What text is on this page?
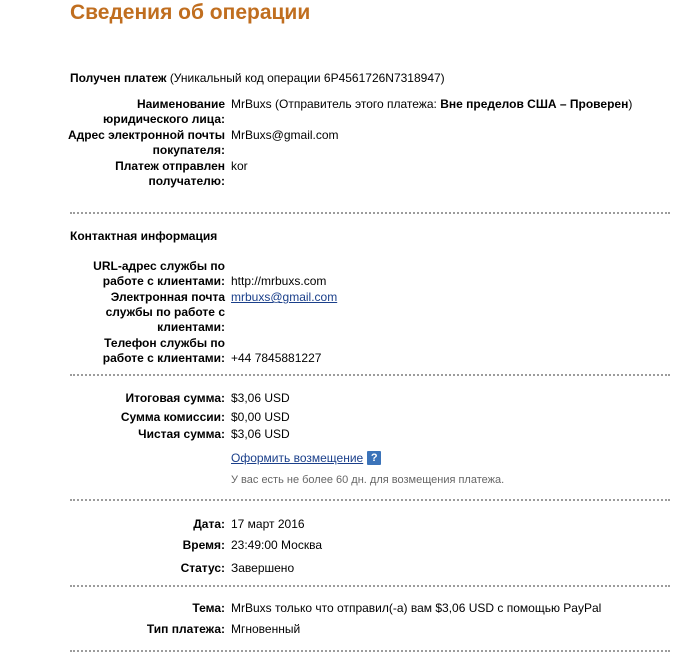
Сведения об операции
Получен платеж (Уникальный код операции 6P4561726N7318947)
Наименование юридического лица:
MrBuxs (Отправитель этого платежа: Вне пределов США – Проверен)
Адрес электронной почты покупателя:
MrBuxs@gmail.com
Платеж отправлен получателю:
kor
Контактная информация
URL-адрес службы по работе с клиентами: http://mrbuxs.com
Электронная почта службы по работе с клиентами:
mrbuxs@gmail.com
Телефон службы по работе с клиентами: +44 7845881227
Итоговая сумма: $3,06 USD
Сумма комиссии: $0,00 USD
Чистая сумма: $3,06 USD
Оформить возмещение ?
У вас есть не более 60 дн. для возмещения платежа.
Дата: 17 март 2016
Время: 23:49:00 Москва
Статус: Завершено
Тема: MrBuxs только что отправил(-а) вам $3,06 USD с помощью PayPal
Тип платежа: Мгновенный
